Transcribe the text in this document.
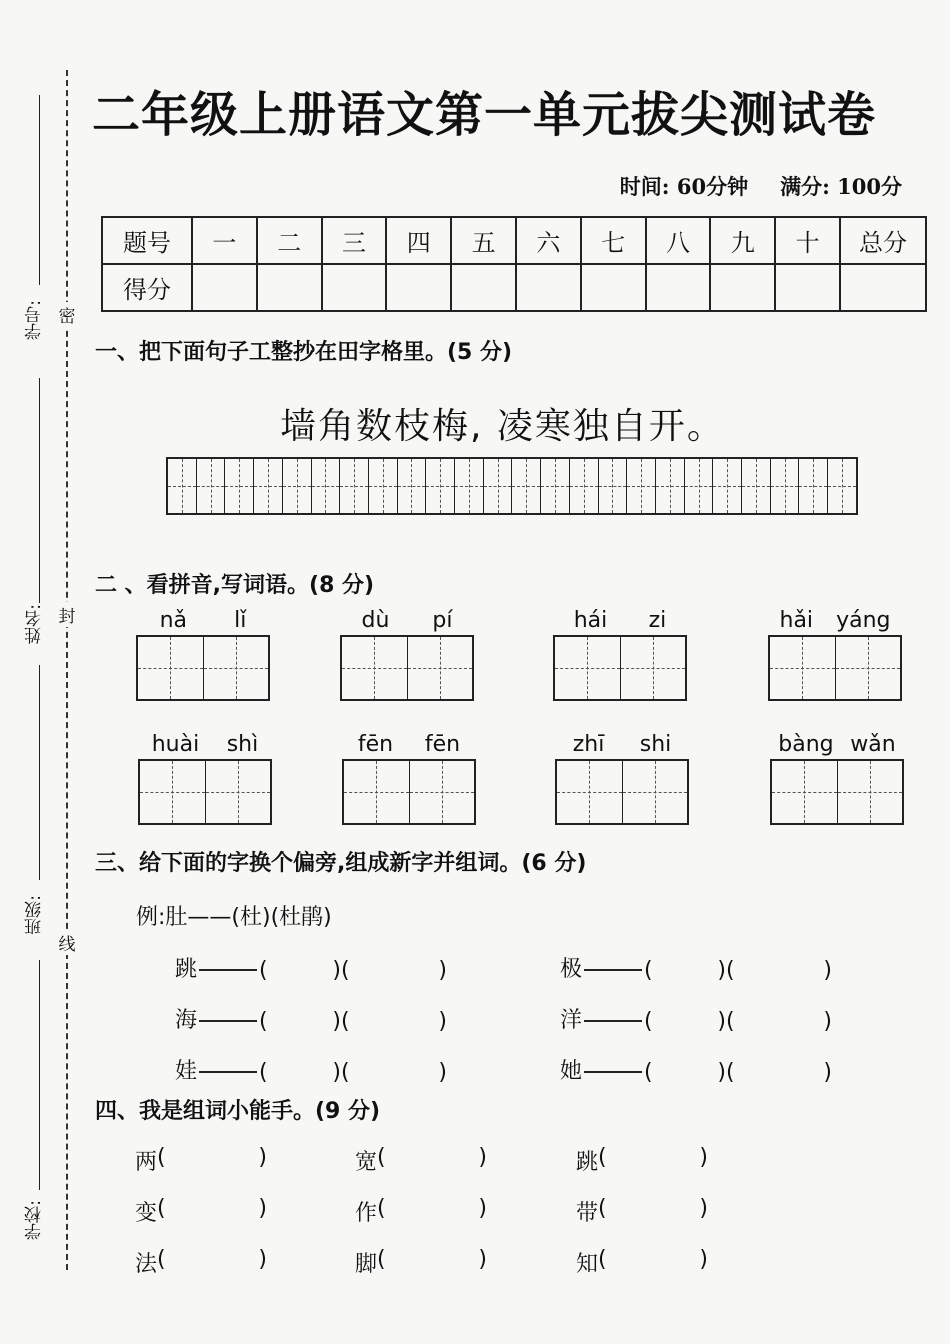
学号:
姓名:
班级:
学校:
密
封
线
二年级上册语文第一单元拔尖测试卷
时间: 60分钟 满分: 100分
题号	一	二	三	四	五	六	七	八	九	十	总分
得分											
一、把下面句子工整抄在田字格里。(5 分)
墙角数枝梅, 凌寒独自开。
二 、看拼音,写词语。(8 分)
nǎ lǐ	dù pí	hái zi	hǎi yáng
huài shì	fēn fēn	zhī shi	bàng wǎn
三、给下面的字换个偏旁,组成新字并组词。(6 分)
例:肚——(杜)(杜鹃)
跳	(	) (	)	极	(	) (	)
海	(	) (	)	洋	(	) (	)
娃	(	) (	)	她	(	) (	)
四、我是组词小能手。(9 分)
两 (	)	宽 (	)	跳 (	)
变 (	)	作 (	)	带 (	)
法 (	)	脚 (	)	知 (	)
